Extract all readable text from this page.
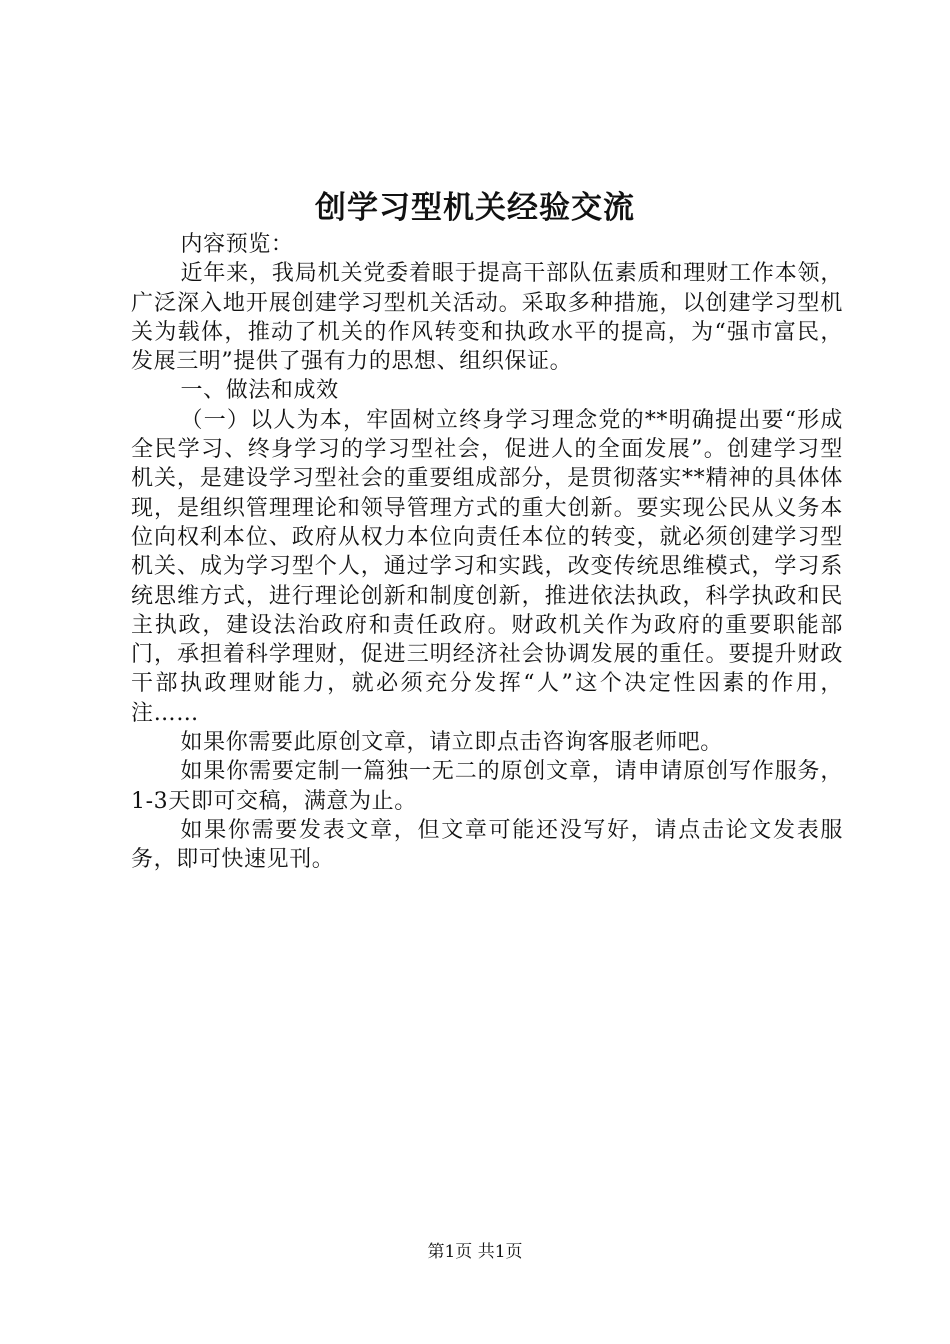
创学习型机关经验交流

内容预览：

近年来，我局机关党委着眼于提高干部队伍素质和理财工作本领，广泛深入地开展创建学习型机关活动。采取多种措施，以创建学习型机关为载体，推动了机关的作风转变和执政水平的提高，为“强市富民，发展三明”提供了强有力的思想、组织保证。

一、做法和成效

（一）以人为本，牢固树立终身学习理念党的**明确提出要“形成全民学习、终身学习的学习型社会，促进人的全面发展”。创建学习型机关，是建设学习型社会的重要组成部分，是贯彻落实**精神的具体体现，是组织管理理论和领导管理方式的重大创新。要实现公民从义务本位向权利本位、政府从权力本位向责任本位的转变，就必须创建学习型机关、成为学习型个人，通过学习和实践，改变传统思维模式，学习系统思维方式，进行理论创新和制度创新，推进依法执政，科学执政和民主执政，建设法治政府和责任政府。财政机关作为政府的重要职能部门，承担着科学理财，促进三明经济社会协调发展的重任。要提升财政干部执政理财能力，就必须充分发挥“人”这个决定性因素的作用，注……

如果你需要此原创文章，请立即点击咨询客服老师吧。

如果你需要定制一篇独一无二的原创文章，请申请原创写作服务，1-3天即可交稿，满意为止。

如果你需要发表文章，但文章可能还没写好，请点击论文发表服务，即可快速见刊。

第1页 共1页
